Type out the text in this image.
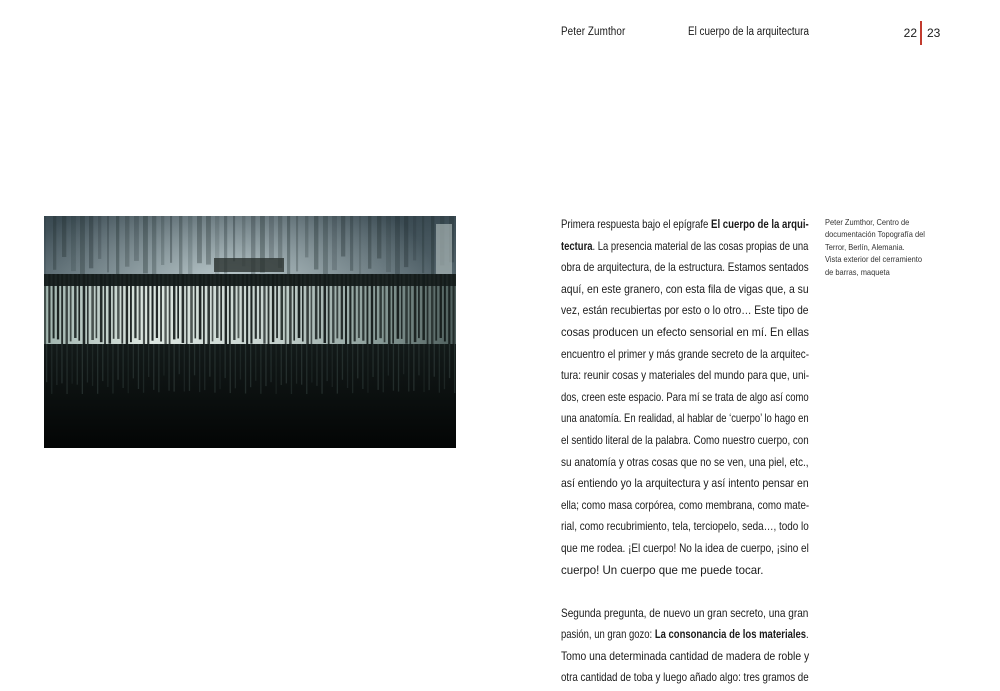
Peter Zumthor	El cuerpo de la arquitectura	22 23
Peter Zumthor, Centro de
documentación Topografía del
Terror, Berlín, Alemania.
Vista exterior del cerramiento
de barras, maqueta
Primera respuesta bajo el epígrafe El cuerpo de la arqui-
tectura. La presencia material de las cosas propias de una
obra de arquitectura, de la estructura. Estamos sentados
aquí, en este granero, con esta fila de vigas que, a su
vez, están recubiertas por esto o lo otro… Este tipo de
cosas producen un efecto sensorial en mí. En ellas
encuentro el primer y más grande secreto de la arquitec-
tura: reunir cosas y materiales del mundo para que, uni-
dos, creen este espacio. Para mí se trata de algo así como
una anatomía. En realidad, al hablar de ‘cuerpo’ lo hago en
el sentido literal de la palabra. Como nuestro cuerpo, con
su anatomía y otras cosas que no se ven, una piel, etc.,
así entiendo yo la arquitectura y así intento pensar en
ella; como masa corpórea, como membrana, como mate-
rial, como recubrimiento, tela, terciopelo, seda…, todo lo
que me rodea. ¡El cuerpo! No la idea de cuerpo, ¡sino el
cuerpo! Un cuerpo que me puede tocar.
Segunda pregunta, de nuevo un gran secreto, una gran
pasión, un gran gozo: La consonancia de los materiales.
Tomo una determinada cantidad de madera de roble y
otra cantidad de toba y luego añado algo: tres gramos de
